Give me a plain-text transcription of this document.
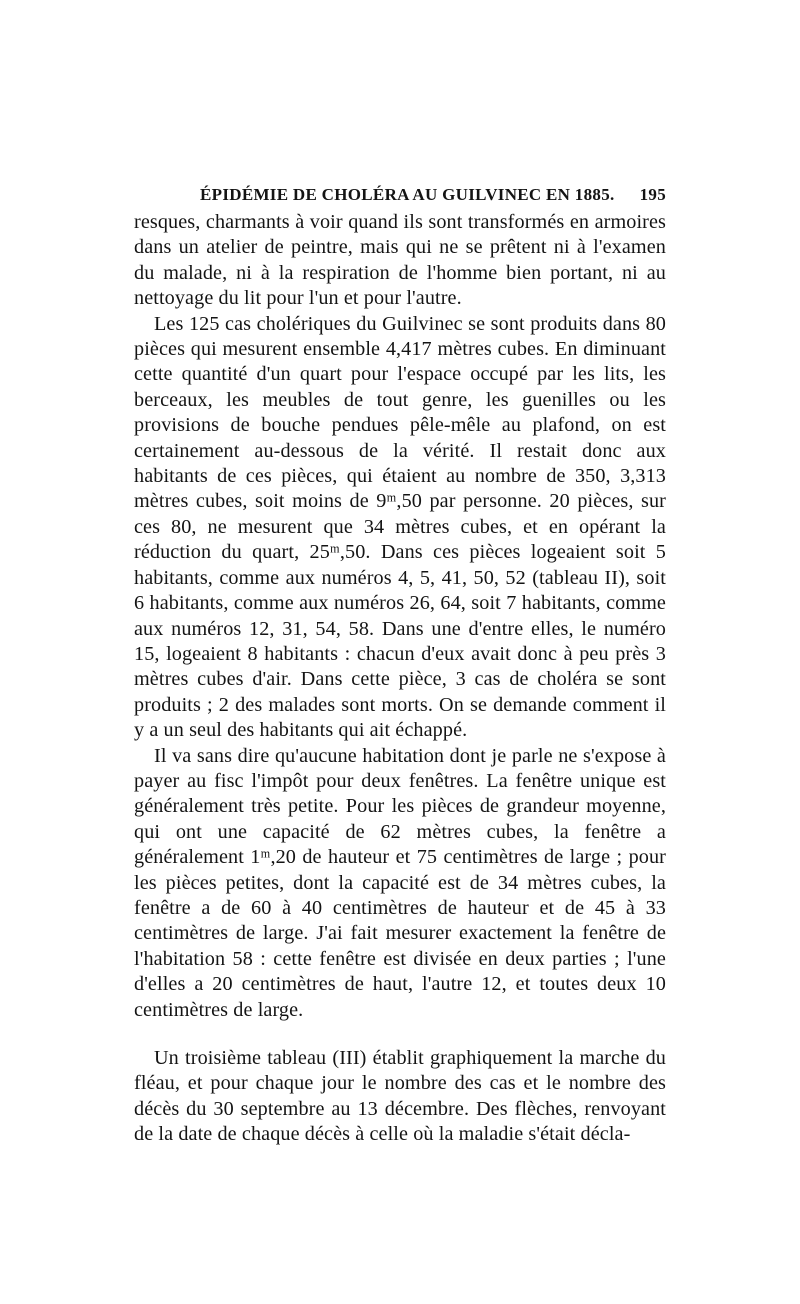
ÉPIDÉMIE DE CHOLÉRA AU GUILVINEC EN 1885. 195

resques, charmants à voir quand ils sont transformés en armoires dans un atelier de peintre, mais qui ne se prêtent ni à l'examen du malade, ni à la respiration de l'homme bien portant, ni au nettoyage du lit pour l'un et pour l'autre.

Les 125 cas cholériques du Guilvinec se sont produits dans 80 pièces qui mesurent ensemble 4,417 mètres cubes. En diminuant cette quantité d'un quart pour l'espace occupé par les lits, les berceaux, les meubles de tout genre, les guenilles ou les provisions de bouche pendues pêle-mêle au plafond, on est certainement au-dessous de la vérité. Il restait donc aux habitants de ces pièces, qui étaient au nombre de 350, 3,313 mètres cubes, soit moins de 9ᵐ,50 par personne. 20 pièces, sur ces 80, ne mesurent que 34 mètres cubes, et en opérant la réduction du quart, 25ᵐ,50. Dans ces pièces logeaient soit 5 habitants, comme aux numéros 4, 5, 41, 50, 52 (tableau II), soit 6 habitants, comme aux numéros 26, 64, soit 7 habitants, comme aux numéros 12, 31, 54, 58. Dans une d'entre elles, le numéro 15, logeaient 8 habitants : chacun d'eux avait donc à peu près 3 mètres cubes d'air. Dans cette pièce, 3 cas de choléra se sont produits ; 2 des malades sont morts. On se demande comment il y a un seul des habitants qui ait échappé.

Il va sans dire qu'aucune habitation dont je parle ne s'expose à payer au fisc l'impôt pour deux fenêtres. La fenêtre unique est généralement très petite. Pour les pièces de grandeur moyenne, qui ont une capacité de 62 mètres cubes, la fenêtre a généralement 1ᵐ,20 de hauteur et 75 centimètres de large ; pour les pièces petites, dont la capacité est de 34 mètres cubes, la fenêtre a de 60 à 40 centimètres de hauteur et de 45 à 33 centimètres de large. J'ai fait mesurer exactement la fenêtre de l'habitation 58 : cette fenêtre est divisée en deux parties ; l'une d'elles a 20 centimètres de haut, l'autre 12, et toutes deux 10 centimètres de large.

Un troisième tableau (III) établit graphiquement la marche du fléau, et pour chaque jour le nombre des cas et le nombre des décès du 30 septembre au 13 décembre. Des flèches, renvoyant de la date de chaque décès à celle où la maladie s'était décla-
